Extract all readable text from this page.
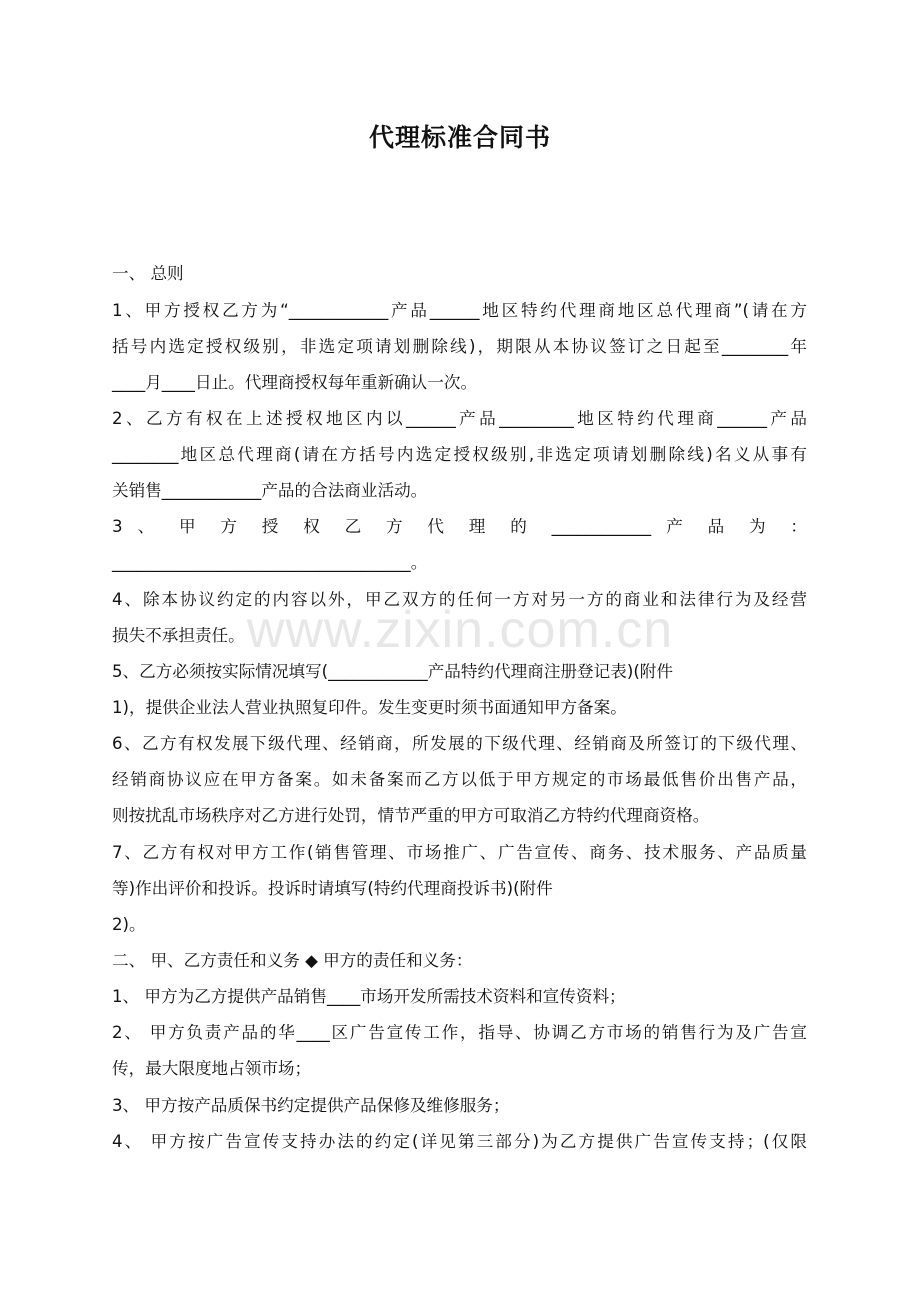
代理标准合同书
一、 总则
1、甲方授权乙方为“____________产品______地区特约代理商地区总代理商”(请在方
括号内选定授权级别，非选定项请划删除线)，期限从本协议签订之日起至________年
____月____日止。代理商授权每年重新确认一次。
2、乙方有权在上述授权地区内以______产品_________地区特约代理商______产品
________地区总代理商(请在方括号内选定授权级别,非选定项请划删除线)名义从事有
关销售____________产品的合法商业活动。
3 、 甲 方 授 权 乙 方 代 理 的 ____________ 产 品 为 ：
____________________________________。
4、除本协议约定的内容以外，甲乙双方的任何一方对另一方的商业和法律行为及经营
损失不承担责任。
5、乙方必须按实际情况填写(____________产品特约代理商注册登记表)(附件
1)，提供企业法人营业执照复印件。发生变更时须书面通知甲方备案。
6、乙方有权发展下级代理、经销商，所发展的下级代理、经销商及所签订的下级代理、
经销商协议应在甲方备案。如未备案而乙方以低于甲方规定的市场最低售价出售产品，
则按扰乱市场秩序对乙方进行处罚，情节严重的甲方可取消乙方特约代理商资格。
7、乙方有权对甲方工作(销售管理、市场推广、广告宣传、商务、技术服务、产品质量
等)作出评价和投诉。投诉时请填写(特约代理商投诉书)(附件
2)。
二、 甲、乙方责任和义务 ◆ 甲方的责任和义务：
1、 甲方为乙方提供产品销售____市场开发所需技术资料和宣传资料；
2、 甲方负责产品的华____区广告宣传工作，指导、协调乙方市场的销售行为及广告宣
传，最大限度地占领市场；
3、 甲方按产品质保书约定提供产品保修及维修服务；
4、 甲方按广告宣传支持办法的约定(详见第三部分)为乙方提供广告宣传支持；(仅限
www.zixin.com.cn
